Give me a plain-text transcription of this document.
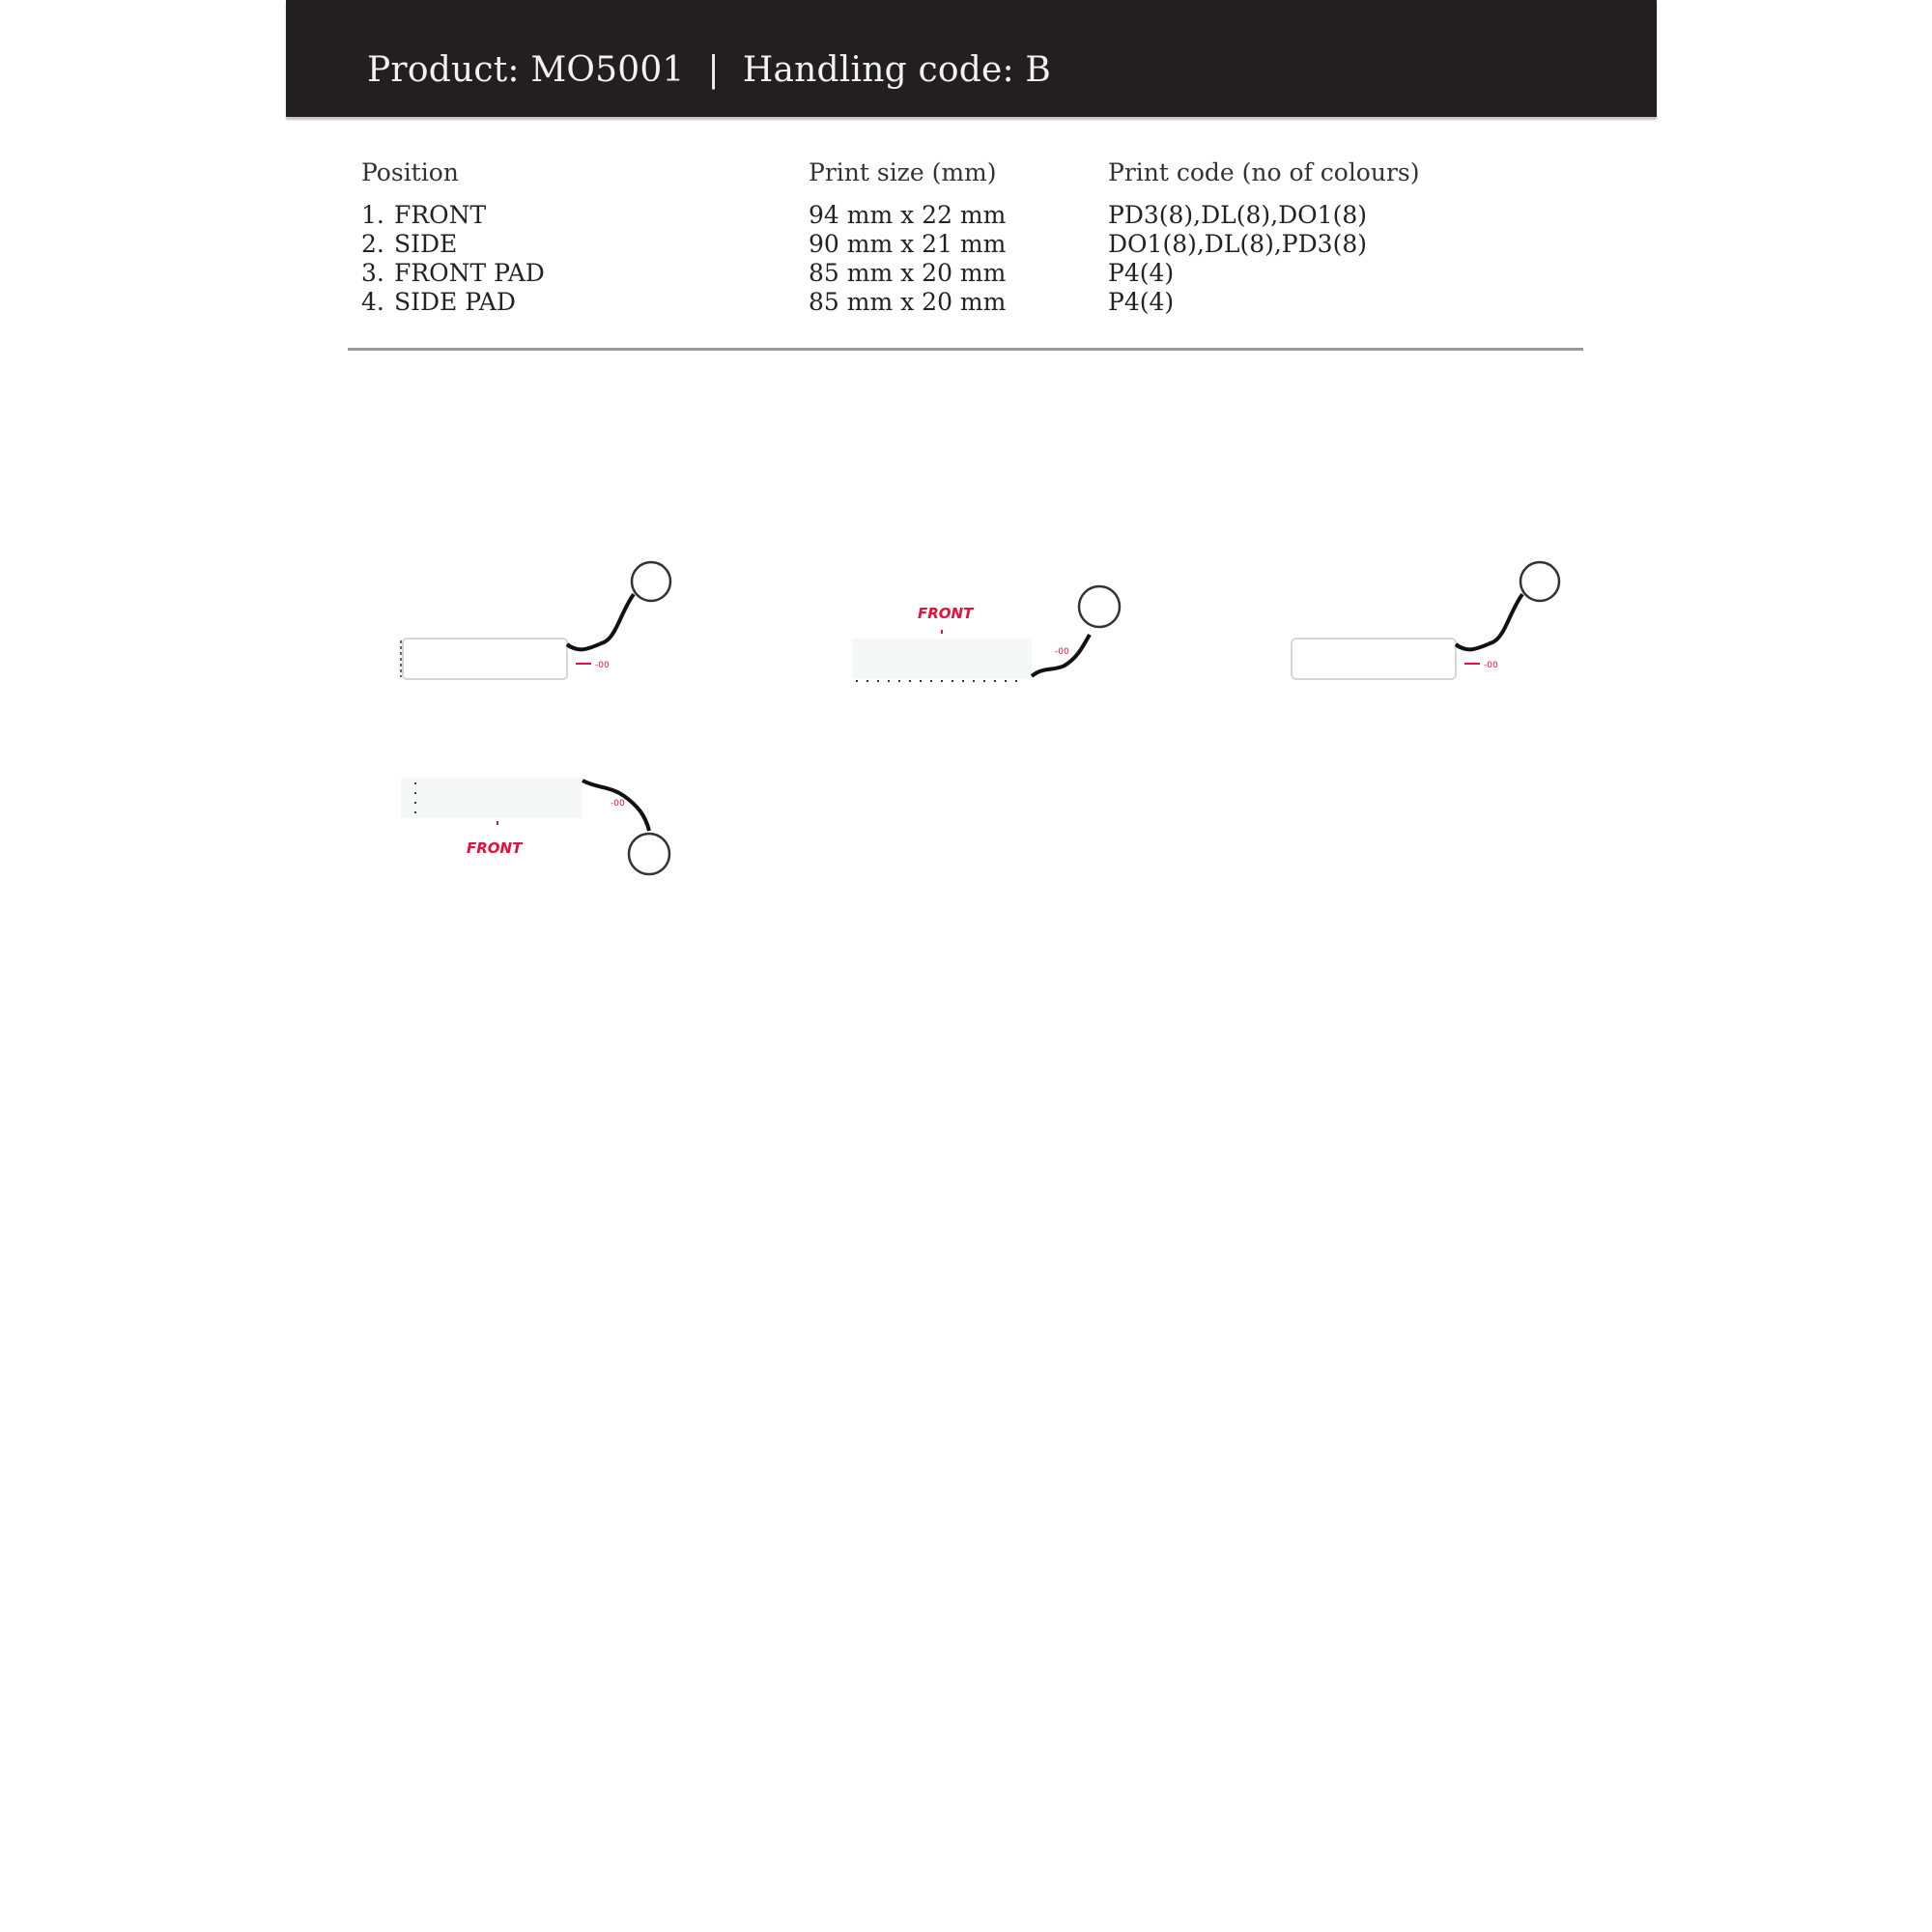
Product: MO5001 | Handling code: B
Position	Print size (mm)	Print code (no of colours)
1. FRONT	94 mm x 22 mm	PD3(8),DL(8),DO1(8)
2. SIDE	90 mm x 21 mm	DO1(8),DL(8),PD3(8)
3. FRONT PAD	85 mm x 20 mm	P4(4)
4. SIDE PAD	85 mm x 20 mm	P4(4)
-00
FRONT
-00
-00
FRONT
-00
